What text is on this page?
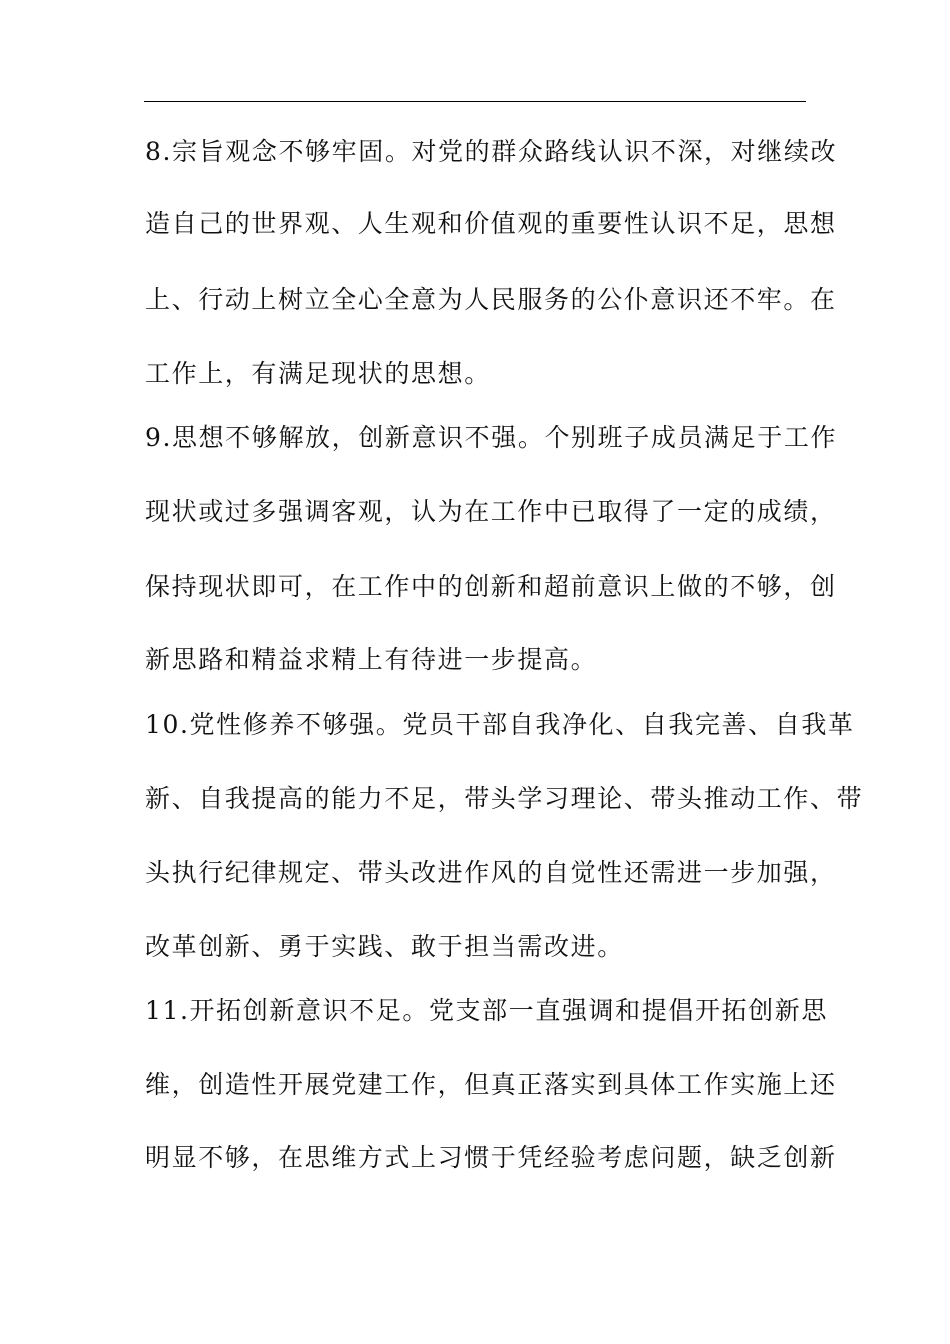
8.宗旨观念不够牢固。对党的群众路线认识不深，对继续改
造自己的世界观、人生观和价值观的重要性认识不足，思想
上、行动上树立全心全意为人民服务的公仆意识还不牢。在
工作上，有满足现状的思想。
9.思想不够解放，创新意识不强。个别班子成员满足于工作
现状或过多强调客观，认为在工作中已取得了一定的成绩，
保持现状即可，在工作中的创新和超前意识上做的不够，创
新思路和精益求精上有待进一步提高。
10.党性修养不够强。党员干部自我净化、自我完善、自我革
新、自我提高的能力不足，带头学习理论、带头推动工作、带
头执行纪律规定、带头改进作风的自觉性还需进一步加强，
改革创新、勇于实践、敢于担当需改进。
11.开拓创新意识不足。党支部一直强调和提倡开拓创新思
维，创造性开展党建工作，但真正落实到具体工作实施上还
明显不够，在思维方式上习惯于凭经验考虑问题，缺乏创新
